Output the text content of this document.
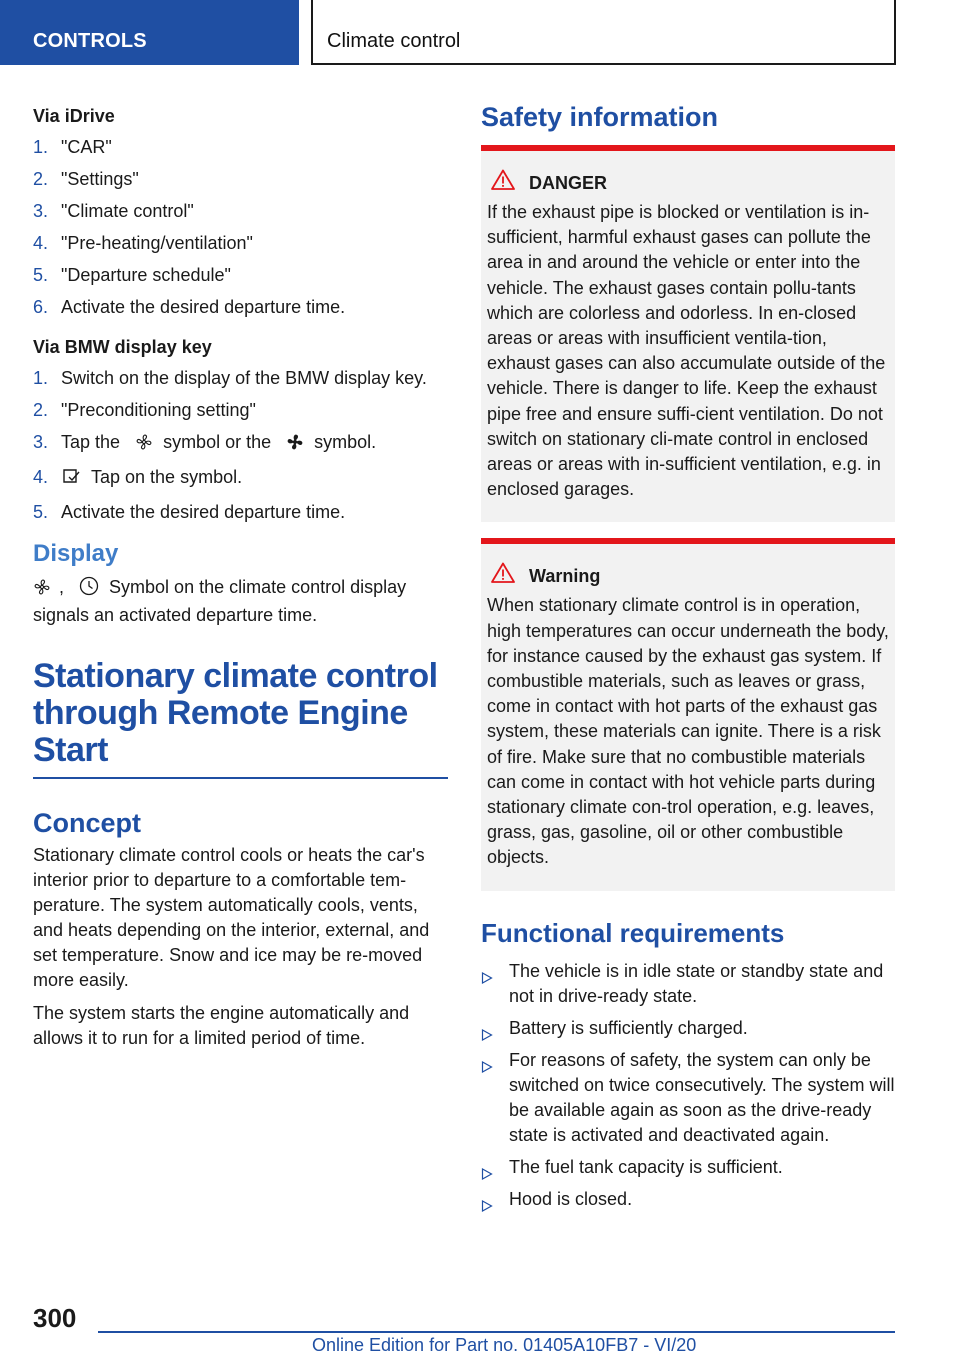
CONTROLS	Climate control
Via iDrive
1. "CAR"
2. "Settings"
3. "Climate control"
4. "Pre-heating/ventilation"
5. "Departure schedule"
6. Activate the desired departure time.
Via BMW display key
1. Switch on the display of the BMW display key.
2. "Preconditioning setting"
3. Tap the symbol or the symbol.
4. Tap on the symbol.
5. Activate the desired departure time.
Display

,	Symbol on the climate control display signals an activated departure time.

Stationary climate control through Remote Engine Start
Concept

Stationary climate control cools or heats the car's interior prior to departure to a comfortable tem‐perature. The system automatically cools, vents, and heats depending on the interior, external, and set temperature. Snow and ice may be re‐moved more easily.

The system starts the engine automatically and allows it to run for a limited period of time.

Safety information
DANGER

If the exhaust pipe is blocked or ventilation is in‐sufficient, harmful exhaust gases can pollute the area in and around the vehicle or enter into the vehicle. The exhaust gases contain pollu‐tants which are colorless and odorless. In en‐closed areas or areas with insufficient ventila‐tion, exhaust gases can also accumulate outside of the vehicle. There is danger to life. Keep the exhaust pipe free and ensure suffi‐cient ventilation. Do not switch on stationary cli‐mate control in enclosed areas or areas with in‐sufficient ventilation, e.g. in enclosed garages.

Warning

When stationary climate control is in operation, high temperatures can occur underneath the body, for instance caused by the exhaust gas system. If combustible materials, such as leaves or grass, come in contact with hot parts of the exhaust gas system, these materials can ignite. There is a risk of fire. Make sure that no combustible materials can come in contact with hot vehicle parts during stationary climate con‐trol operation, e.g. leaves, grass, gas, gasoline, oil or other combustible objects.

Functional requirements
The vehicle is in idle state or standby state and not in drive-ready state.
Battery is sufficiently charged.
For reasons of safety, the system can only be switched on twice consecutively. The system will be available again as soon as the drive-ready state is activated and deactivated again.
The fuel tank capacity is sufficient.
Hood is closed.
300
Online Edition for Part no. 01405A10FB7 - VI/20
